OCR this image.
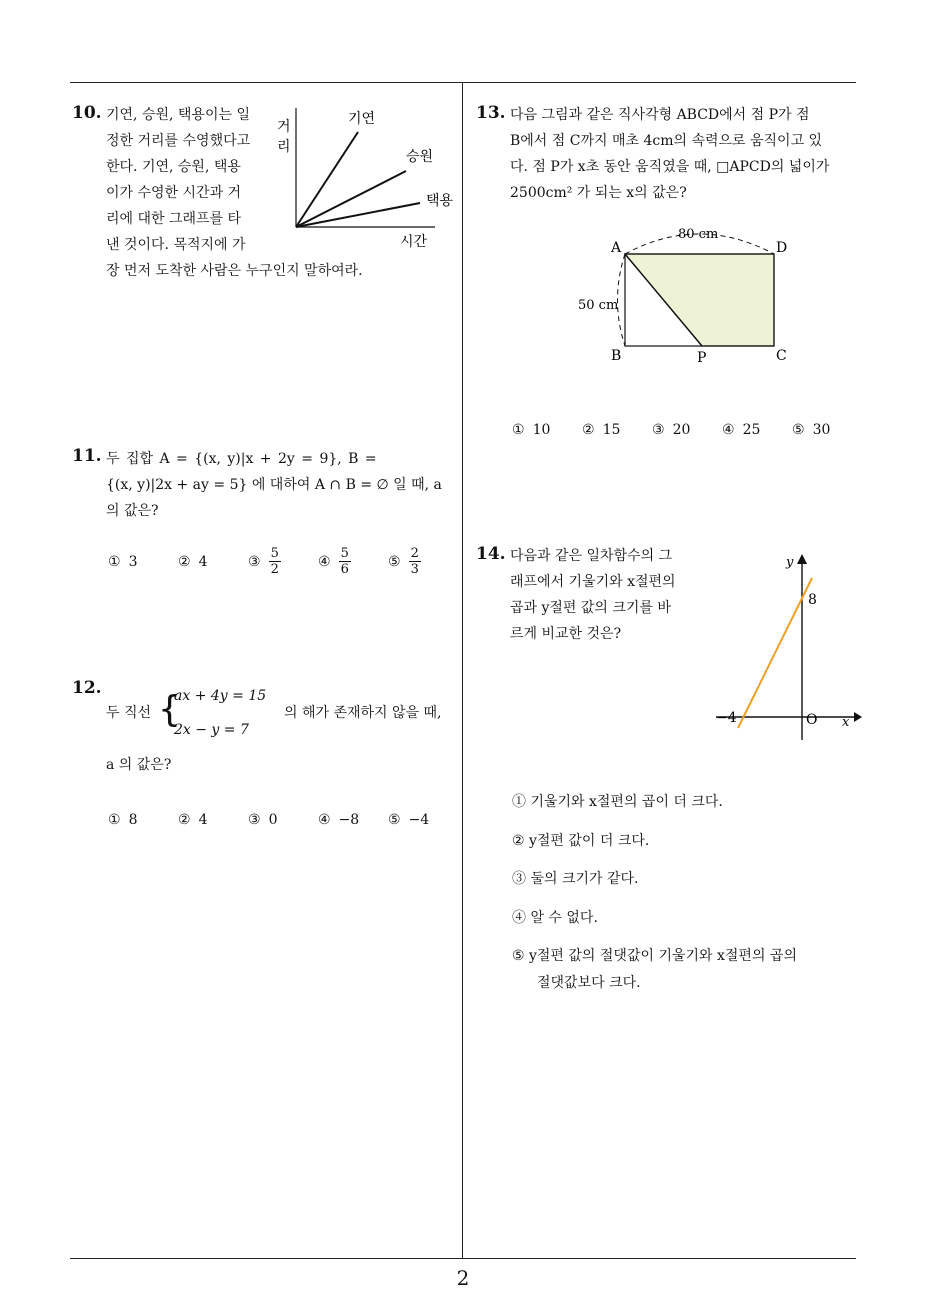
2
10. 기연, 승원, 택용이는 일
정한 거리를 수영했다고
한다. 기연, 승원, 택용
이가 수영한 시간과 거
리에 대한 그래프를 타
낸 것이다. 목적지에 가
장 먼저 도착한 사람은 누구인지 말하여라.
거
리
기연
승원
택용
시간
11. 두 집합 A = {(x, y)|x + 2y = 9}, B =
{(x, y)|2x + ay = 5} 에 대하여 A ∩ B = ∅ 일 때, a
의 값은?
① 3	② 4	③ $\frac{5}{2}$	④ $\frac{5}{6}$	⑤ $\frac{2}{3}$
12.
두 직선 {
ax + 4y = 15
2x − y = 7
의 해가 존재하지 않을 때,
a 의 값은?
① 8	② 4	③ 0	④ −8 ⑤ −4
13. 다음 그림과 같은 직사각형 ABCD에서 점 P가 점
B에서 점 C까지 매초 4cm의 속력으로 움직이고 있
다. 점 P가 x초 동안 움직였을 때, □APCD의 넓이가
2500cm² 가 되는 x의 값은?
A	D
B	P	C
80 cm
50 cm
① 10 ② 15 ③ 20 ④ 25 ⑤ 30
14. 다음과 같은 일차함수의 그
래프에서 기울기와 x절편의
곱과 y절편 값의 크기를 바
르게 비교한 것은?
y
x
O
8
−4
① 기울기와 x절편의 곱이 더 크다.
② y절편 값이 더 크다.
③ 둘의 크기가 같다.
④ 알 수 없다.
⑤ y절편 값의 절댓값이 기울기와 x절편의 곱의
절댓값보다 크다.
